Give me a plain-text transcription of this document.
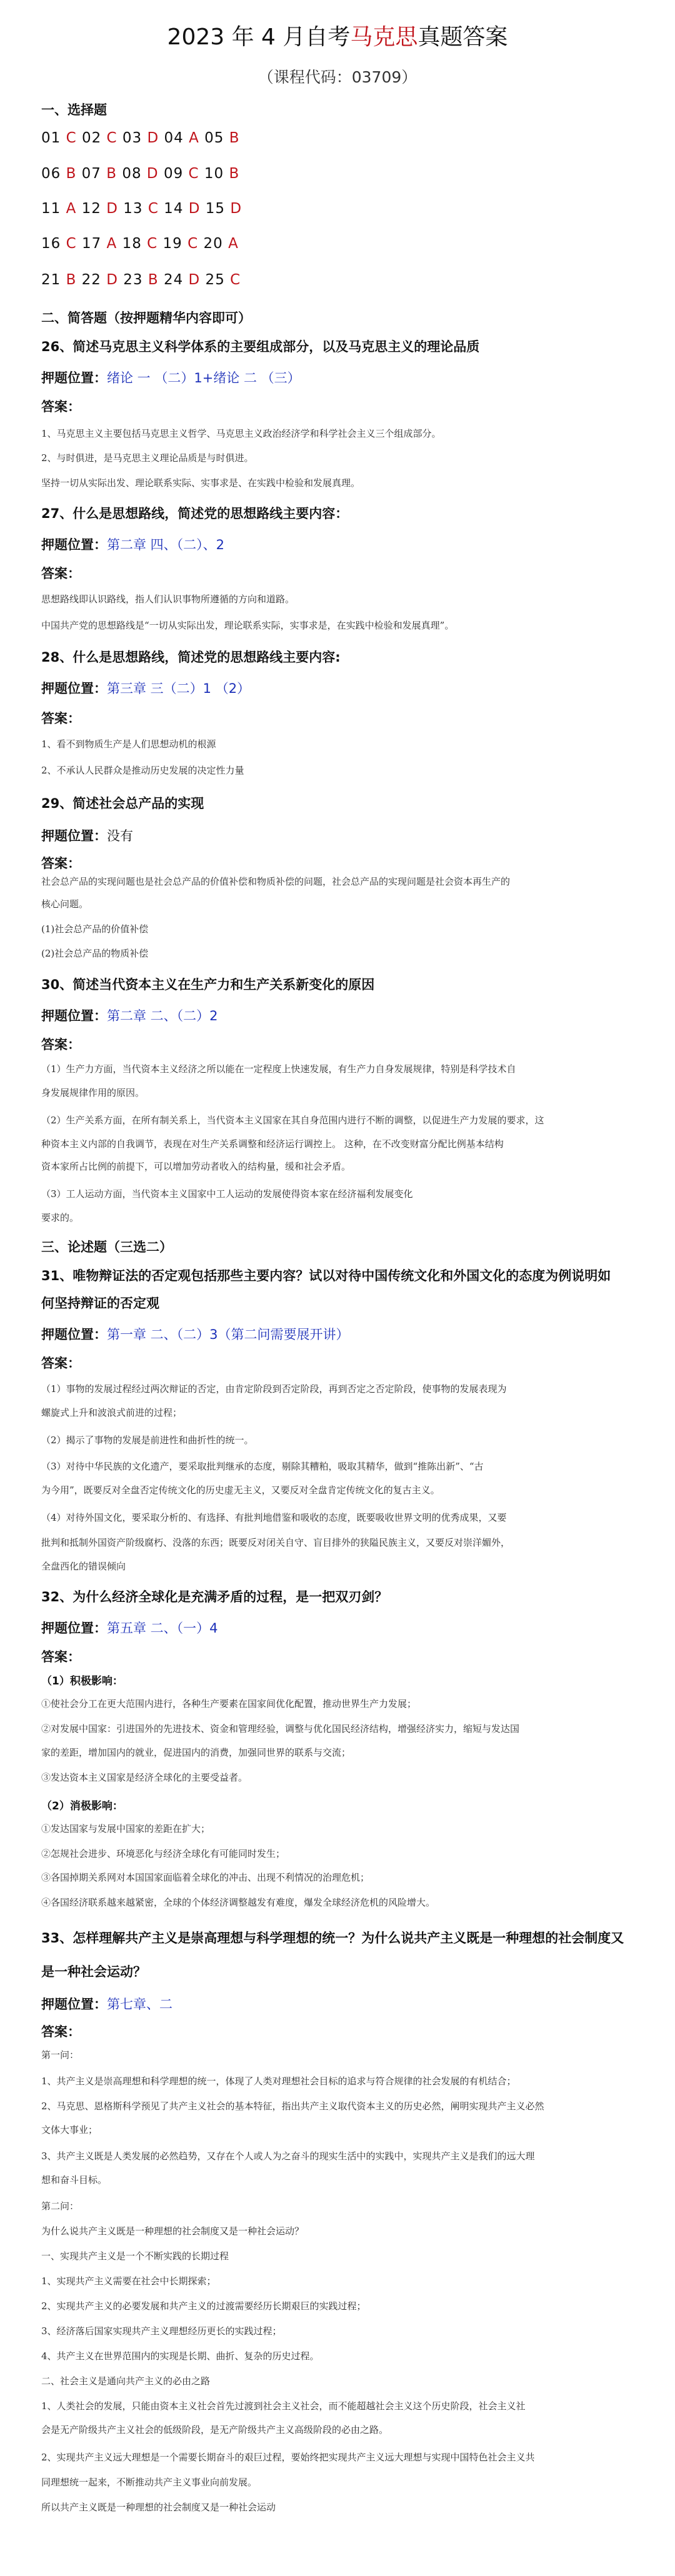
2023 年 4 月自考马克思真题答案
（课程代码：03709）
一、选择题
01 C 02 C 03 D 04 A 05 B
06 B 07 B 08 D 09 C 10 B
11 A 12 D 13 C 14 D 15 D
16 C 17 A 18 C 19 C 20 A
21 B 22 D 23 B 24 D 25 C
二、简答题（按押题精华内容即可）
26、简述马克思主义科学体系的主要组成部分，以及马克思主义的理论品质
押题位置：绪论 一 （二）1+绪论 二 （三）
答案：
1、马克思主义主要包括马克思主义哲学、马克思主义政治经济学和科学社会主义三个组成部分。
2、与时俱进，是马克思主义理论品质是与时俱进。
坚持一切从实际出发、理论联系实际、实事求是、在实践中检验和发展真理。
27、什么是思想路线，简述党的思想路线主要内容：
押题位置：第二章 四、（二）、2
答案：
思想路线即认识路线，指人们认识事物所遵循的方向和道路。
中国共产党的思想路线是“一切从实际出发，理论联系实际，实事求是，在实践中检验和发展真理”。
28、什么是思想路线，简述党的思想路线主要内容:
押题位置：第三章 三（二）1 （2）
答案：
1、看不到物质生产是人们思想动机的根源
2、不承认人民群众是推动历史发展的决定性力量
29、简述社会总产品的实现
押题位置：没有
答案：
社会总产品的实现问题也是社会总产品的价值补偿和物质补偿的问题，社会总产品的实现问题是社会资本再生产的
核心问题。
(1)社会总产品的价值补偿
(2)社会总产品的物质补偿
30、简述当代资本主义在生产力和生产关系新变化的原因
押题位置：第二章 二、（二）2
答案：
（1）生产力方面，当代资本主义经济之所以能在一定程度上快速发展，有生产力自身发展规律，特别是科学技术自
身发展规律作用的原因。
（2）生产关系方面，在所有制关系上，当代资本主义国家在其自身范围内进行不断的调整，以促进生产力发展的要求，这
种资本主义内部的自我调节，表现在对生产关系调整和经济运行调控上。 这种，在不改变财富分配比例基本结构
资本家所占比例的前提下，可以增加劳动者收入的结构量，缓和社会矛盾。
（3）工人运动方面，当代资本主义国家中工人运动的发展使得资本家在经济福利发展变化
要求的。
三、论述题（三选二）
31、唯物辩证法的否定观包括那些主要内容？试以对待中国传统文化和外国文化的态度为例说明如
何坚持辩证的否定观
押题位置：第一章 二、（二）3（第二问需要展开讲）
答案：
（1）事物的发展过程经过两次辩证的否定，由肯定阶段到否定阶段，再到否定之否定阶段，使事物的发展表现为
螺旋式上升和波浪式前进的过程；
（2）揭示了事物的发展是前进性和曲折性的统一。
（3）对待中华民族的文化遗产，要采取批判继承的态度，剔除其糟粕，吸取其精华，做到“推陈出新”、“古
为今用”，既要反对全盘否定传统文化的历史虚无主义，又要反对全盘肯定传统文化的复古主义。
（4）对待外国文化，要采取分析的、有选择、有批判地借鉴和吸收的态度，既要吸收世界文明的优秀成果，又要
批判和抵制外国资产阶级腐朽、没落的东西；既要反对闭关自守、盲目排外的狭隘民族主义，又要反对崇洋媚外，
全盘西化的错误倾向
32、为什么经济全球化是充满矛盾的过程，是一把双刃剑？
押题位置：第五章 二、（一）4
答案：
（1）积极影响：
①使社会分工在更大范围内进行，各种生产要素在国家间优化配置，推动世界生产力发展；
②对发展中国家：引进国外的先进技术、资金和管理经验，调整与优化国民经济结构，增强经济实力，缩短与发达国
家的差距，增加国内的就业，促进国内的消费，加强同世界的联系与交流；
③发达资本主义国家是经济全球化的主要受益者。
（2）消极影响：
①发达国家与发展中国家的差距在扩大；
②怎规社会进步、环境恶化与经济全球化有可能同时发生；
③各国掉期关系网对本国国家面临着全球化的冲击、出现不利情况的治理危机；
④各国经济联系越来越紧密，全球的个体经济调整越发有难度，爆发全球经济危机的风险增大。
33、怎样理解共产主义是崇高理想与科学理想的统一？为什么说共产主义既是一种理想的社会制度又
是一种社会运动？
押题位置：第七章、二
答案：
第一问：
1、共产主义是崇高理想和科学理想的统一，体现了人类对理想社会目标的追求与符合规律的社会发展的有机结合；
2、马克思、恩格斯科学预见了共产主义社会的基本特征，指出共产主义取代资本主义的历史必然，阐明实现共产主义必然
文体大事业；
3、共产主义既是人类发展的必然趋势，又存在个人或人为之奋斗的现实生活中的实践中，实现共产主义是我们的远大理
想和奋斗目标。
第二问：
为什么说共产主义既是一种理想的社会制度又是一种社会运动？
一、实现共产主义是一个不断实践的长期过程
1、实现共产主义需要在社会中长期探索；
2、实现共产主义的必要发展和共产主义的过渡需要经历长期艰巨的实践过程；
3、经济落后国家实现共产主义理想经历更长的实践过程；
4、共产主义在世界范围内的实现是长期、曲折、复杂的历史过程。
二、社会主义是通向共产主义的必由之路
1、人类社会的发展，只能由资本主义社会首先过渡到社会主义社会，而不能超越社会主义这个历史阶段，社会主义社
会是无产阶级共产主义社会的低级阶段，是无产阶级共产主义高级阶段的必由之路。
2、实现共产主义远大理想是一个需要长期奋斗的艰巨过程，要始终把实现共产主义远大理想与实现中国特色社会主义共
同理想统一起来，不断推动共产主义事业向前发展。
所以共产主义既是一种理想的社会制度又是一种社会运动
